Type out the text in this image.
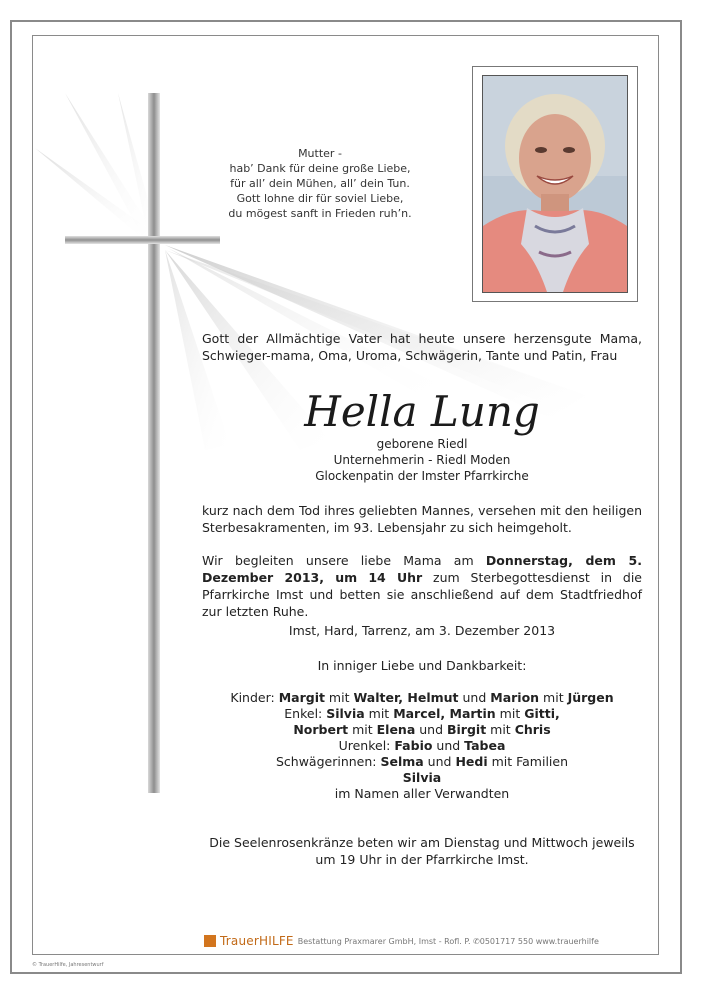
Mutter -
hab’ Dank für deine große Liebe,
für all’ dein Mühen, all’ dein Tun.
Gott lohne dir für soviel Liebe,
du mögest sanft in Frieden ruh’n.
Gott der Allmächtige Vater hat heute unsere herzensgute Mama, Schwieger-mama, Oma, Uroma, Schwägerin, Tante und Patin, Frau
Hella Lung
geborene Riedl
Unternehmerin - Riedl Moden
Glockenpatin der Imster Pfarrkirche
kurz nach dem Tod ihres geliebten Mannes, versehen mit den heiligen Sterbesakramenten, im 93. Lebensjahr zu sich heimgeholt.
Wir begleiten unsere liebe Mama am Donnerstag, dem 5. Dezember 2013, um 14 Uhr zum Sterbegottesdienst in die Pfarrkirche Imst und betten sie anschließend auf dem Stadtfriedhof zur letzten Ruhe.
Imst, Hard, Tarrenz, am 3. Dezember 2013
In inniger Liebe und Dankbarkeit:
Kinder: Margit mit Walter, Helmut und Marion mit Jürgen
Enkel: Silvia mit Marcel, Martin mit Gitti,
Norbert mit Elena und Birgit mit Chris
Urenkel: Fabio und Tabea
Schwägerinnen: Selma und Hedi mit Familien
Silvia
im Namen aller Verwandten
Die Seelenrosenkränze beten wir am Dienstag und Mittwoch jeweils
um 19 Uhr in der Pfarrkirche Imst.
TrauerHILFE Bestattung Praxmarer GmbH, Imst - Rofl. P. ✆0501717 550 www.trauerhilfe
© TrauerHilfe, Jahresentwurf
